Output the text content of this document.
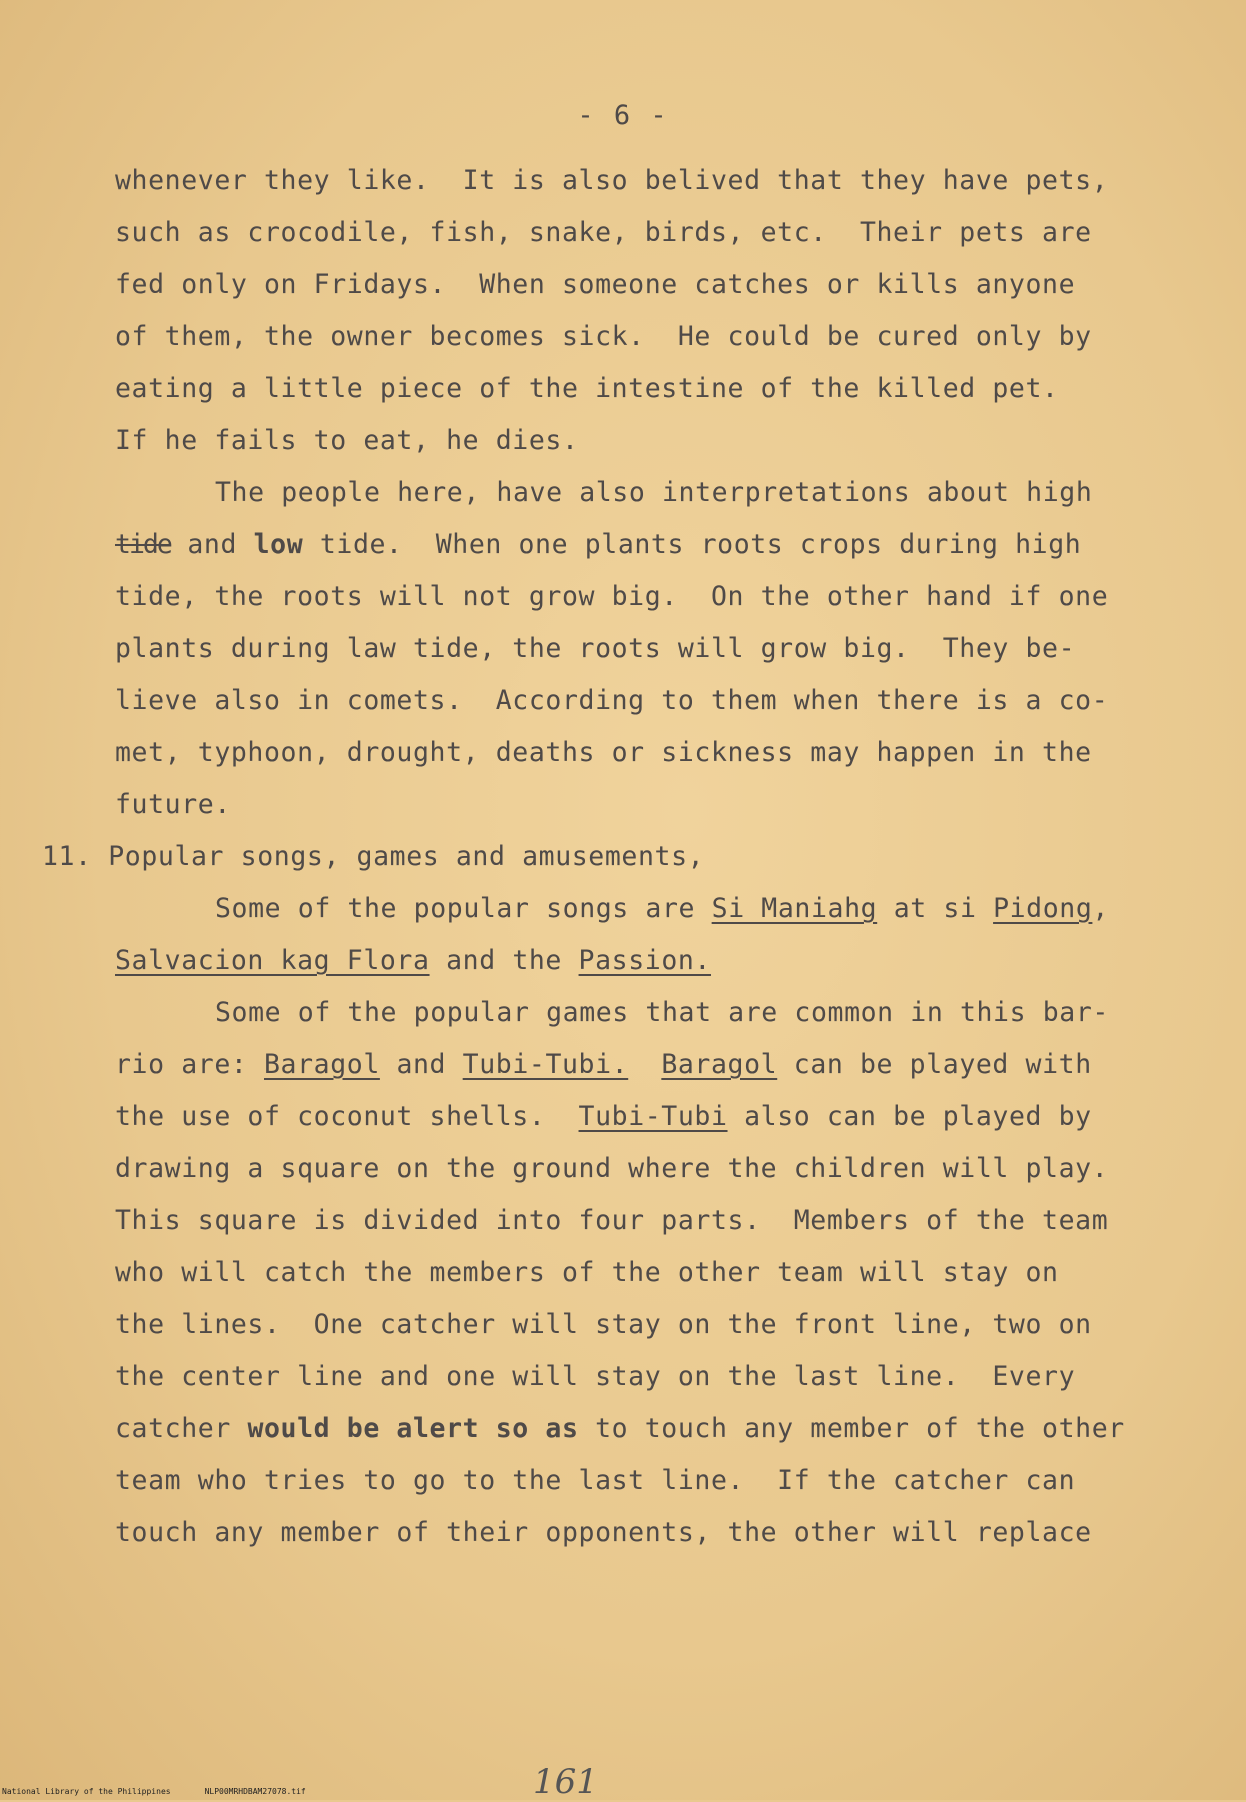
- 6 -
whenever they like.  It is also belived that they have pets,
such as crocodile, fish, snake, birds, etc.  Their pets are
fed only on Fridays.  When someone catches or kills anyone
of them, the owner becomes sick.  He could be cured only by
eating a little piece of the intestine of the killed pet.
If he fails to eat, he dies.
The people here, have also interpretations about high
tide and low tide.  When one plants roots crops during high
tide, the roots will not grow big.  On the other hand if one
plants during law tide, the roots will grow big.  They be-
lieve also in comets.  According to them when there is a co-
met, typhoon, drought, deaths or sickness may happen in the
future.
11. Popular songs, games and amusements,
Some of the popular songs are Si Maniahg at si Pidong,
Salvacion kag Flora and the Passion.
Some of the popular games that are common in this bar-
rio are: Baragol and Tubi-Tubi. Baragol can be played with
the use of coconut shells.  Tubi-Tubi also can be played by
drawing a square on the ground where the children will play.
This square is divided into four parts.  Members of the team
who will catch the members of the other team will stay on
the lines.  One catcher will stay on the front line, two on
the center line and one will stay on the last line.  Every
catcher would be alert so as to touch any member of the other
team who tries to go to the last line.  If the catcher can
touch any member of their opponents, the other will replace
161
National Library of the Philippines	NLP00MRHDBAM27078.tif
